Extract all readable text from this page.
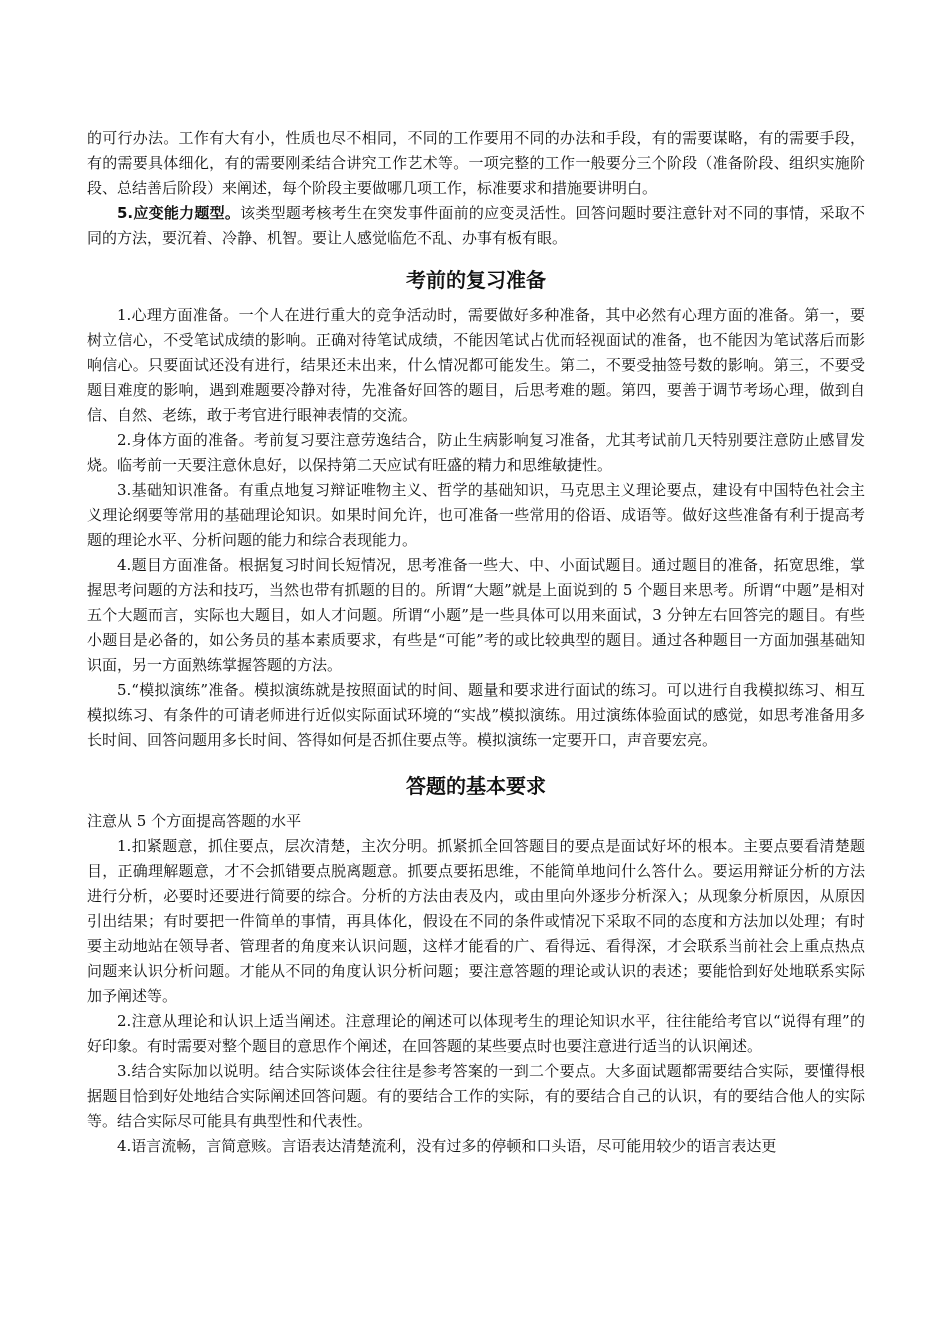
的可行办法。工作有大有小，性质也尽不相同，不同的工作要用不同的办法和手段，有的需要谋略，有的需要手段，有的需要具体细化，有的需要刚柔结合讲究工作艺术等。一项完整的工作一般要分三个阶段（准备阶段、组织实施阶段、总结善后阶段）来阐述，每个阶段主要做哪几项工作，标准要求和措施要讲明白。

5.应变能力题型。该类型题考核考生在突发事件面前的应变灵活性。回答问题时要注意针对不同的事情，采取不同的方法，要沉着、冷静、机智。要让人感觉临危不乱、办事有板有眼。

考前的复习准备

1.心理方面准备。一个人在进行重大的竞争活动时，需要做好多种准备，其中必然有心理方面的准备。第一，要树立信心，不受笔试成绩的影响。正确对待笔试成绩，不能因笔试占优而轻视面试的准备，也不能因为笔试落后而影响信心。只要面试还没有进行，结果还未出来，什么情况都可能发生。第二，不要受抽签号数的影响。第三，不要受题目难度的影响，遇到难题要冷静对待，先准备好回答的题目，后思考难的题。第四，要善于调节考场心理，做到自信、自然、老练，敢于考官进行眼神表情的交流。

2.身体方面的准备。考前复习要注意劳逸结合，防止生病影响复习准备，尤其考试前几天特别要注意防止感冒发烧。临考前一天要注意休息好，以保持第二天应试有旺盛的精力和思维敏捷性。

3.基础知识准备。有重点地复习辩证唯物主义、哲学的基础知识，马克思主义理论要点，建设有中国特色社会主义理论纲要等常用的基础理论知识。如果时间允许，也可准备一些常用的俗语、成语等。做好这些准备有利于提高考题的理论水平、分析问题的能力和综合表现能力。

4.题目方面准备。根据复习时间长短情况，思考准备一些大、中、小面试题目。通过题目的准备，拓宽思维，掌握思考问题的方法和技巧，当然也带有抓题的目的。所谓“大题”就是上面说到的 5 个题目来思考。所谓“中题”是相对五个大题而言，实际也大题目，如人才问题。所谓“小题”是一些具体可以用来面试，3 分钟左右回答完的题目。有些小题目是必备的，如公务员的基本素质要求，有些是“可能”考的或比较典型的题目。通过各种题目一方面加强基础知识面，另一方面熟练掌握答题的方法。

5.“模拟演练”准备。模拟演练就是按照面试的时间、题量和要求进行面试的练习。可以进行自我模拟练习、相互模拟练习、有条件的可请老师进行近似实际面试环境的“实战”模拟演练。用过演练体验面试的感觉，如思考准备用多长时间、回答问题用多长时间、答得如何是否抓住要点等。模拟演练一定要开口，声音要宏亮。

答题的基本要求

注意从 5 个方面提高答题的水平

1.扣紧题意，抓住要点，层次清楚，主次分明。抓紧抓全回答题目的要点是面试好坏的根本。主要点要看清楚题目，正确理解题意，才不会抓错要点脱离题意。抓要点要拓思维，不能简单地问什么答什么。要运用辩证分析的方法进行分析，必要时还要进行简要的综合。分析的方法由表及内，或由里向外逐步分析深入；从现象分析原因，从原因引出结果；有时要把一件简单的事情，再具体化，假设在不同的条件或情况下采取不同的态度和方法加以处理；有时要主动地站在领导者、管理者的角度来认识问题，这样才能看的广、看得远、看得深，才会联系当前社会上重点热点问题来认识分析问题。才能从不同的角度认识分析问题；要注意答题的理论或认识的表述；要能恰到好处地联系实际加予阐述等。

2.注意从理论和认识上适当阐述。注意理论的阐述可以体现考生的理论知识水平，往往能给考官以“说得有理”的好印象。有时需要对整个题目的意思作个阐述，在回答题的某些要点时也要注意进行适当的认识阐述。

3.结合实际加以说明。结合实际谈体会往往是参考答案的一到二个要点。大多面试题都需要结合实际，要懂得根据题目恰到好处地结合实际阐述回答问题。有的要结合工作的实际，有的要结合自己的认识，有的要结合他人的实际等。结合实际尽可能具有典型性和代表性。

4.语言流畅，言简意赅。言语表达清楚流利，没有过多的停顿和口头语，尽可能用较少的语言表达更
